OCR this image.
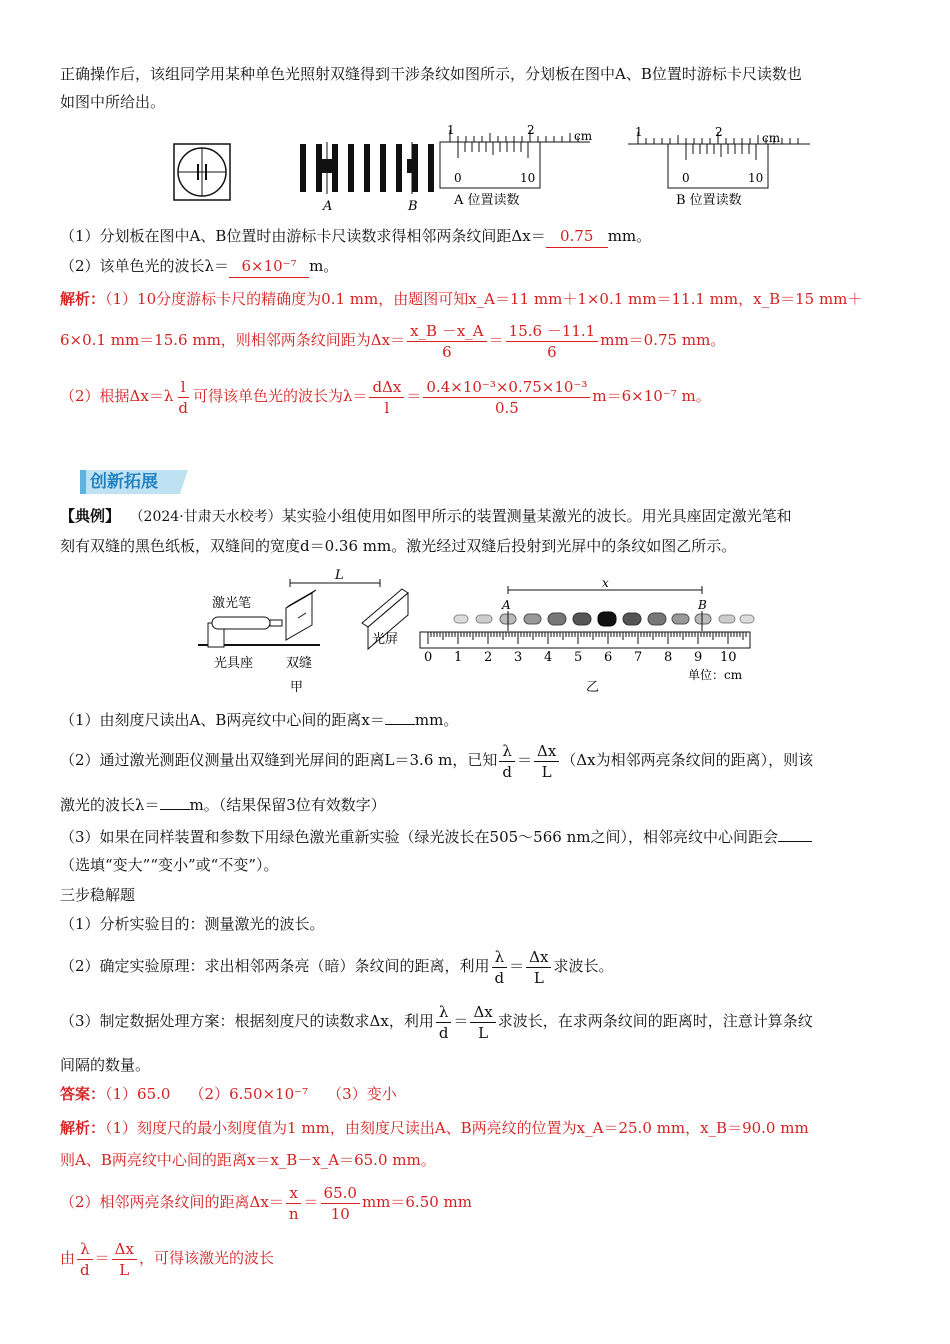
正确操作后，该组同学用某种单色光照射双缝得到干涉条纹如图所示，分划板在图中A、B位置时游标卡尺读数也
如图中所给出。
A	B
1	2	cm
0	10
A 位置读数
1	2	cm
0	10
B 位置读数
（1）分划板在图中A、B位置时由游标卡尺读数求得相邻两条纹间距Δx＝ 0.75 mm。
（2）该单色光的波长λ＝ 6×10⁻⁷ m。
解析：（1）10分度游标卡尺的精确度为0.1 mm，由题图可知x_A＝11 mm＋1×0.1 mm＝11.1 mm，x_B＝15 mm＋
6×0.1 mm＝15.6 mm，则相邻两条纹间距为$\Delta x= \frac{x\_B -x\_A}{6} = \frac{15.6 -11.1}{6} mm=0.75$ mm。
（2）根据$\Delta x=\lambda \frac{l}{d}$ 可得该单色光的波长为$\lambda= \frac{\text{dΔx}}{l} = \frac{\text{0.4×10⁻³×0.75×10⁻³}}{0.5} m=6\times 10^{-7}$ m。
创新拓展
【典例】 （2024·甘肃天水校考）某实验小组使用如图甲所示的装置测量某激光的波长。用光具座固定激光笔和
刻有双缝的黑色纸板，双缝间的宽度d＝0.36 mm。激光经过双缝后投射到光屏中的条纹如图乙所示。
L
激光笔
光具座	双缝
光屏
甲
x
A	B
0 1 2 3 4 5 6 7 8 9 10
单位：cm
乙
（1）由刻度尺读出A、B两亮纹中心间的距离x＝ mm。
（2）通过激光测距仪测量出双缝到光屏间的距离L＝3.6 m，已知 $\frac{\lambda}{d} = \frac{\Delta x}{L} (\Delta x$为相邻两亮条纹间的距离），则该
激光的波长λ＝ m。（结果保留3位有效数字）
（3）如果在同样装置和参数下用绿色激光重新实验（绿光波长在505～566 nm之间），相邻亮纹中心间距会
（选填“变大”“变小”或“不变”）。
三步稳解题
（1）分析实验目的：测量激光的波长。
（2）确定实验原理：求出相邻两条亮（暗）条纹间的距离，利用 $\frac{\lambda}{d} = \frac{\Delta x}{L}$ 求波长。
（3）制定数据处理方案：根据刻度尺的读数求Δx，利用 $\frac{\lambda}{d} = \frac{\Delta x}{L}$ 求波长，在求两条纹间的距离时，注意计算条纹
间隔的数量。
答案：（1）65.0 （2）6.50×10⁻⁷ （3）变小
解析：（1）刻度尺的最小刻度值为1 mm，由刻度尺读出A、B两亮纹的位置为x_A＝25.0 mm，x_B＝90.0 mm
则A、B两亮纹中心间的距离x＝x_B－x_A＝65.0 mm。
（2）相邻两亮条纹间的距离$\Delta x= \frac{x}{n} = \frac{65.0}{10} mm=6.50$ mm
由 $\frac{\lambda}{d} = \frac{\Delta x}{L}$ ，可得该激光的波长
